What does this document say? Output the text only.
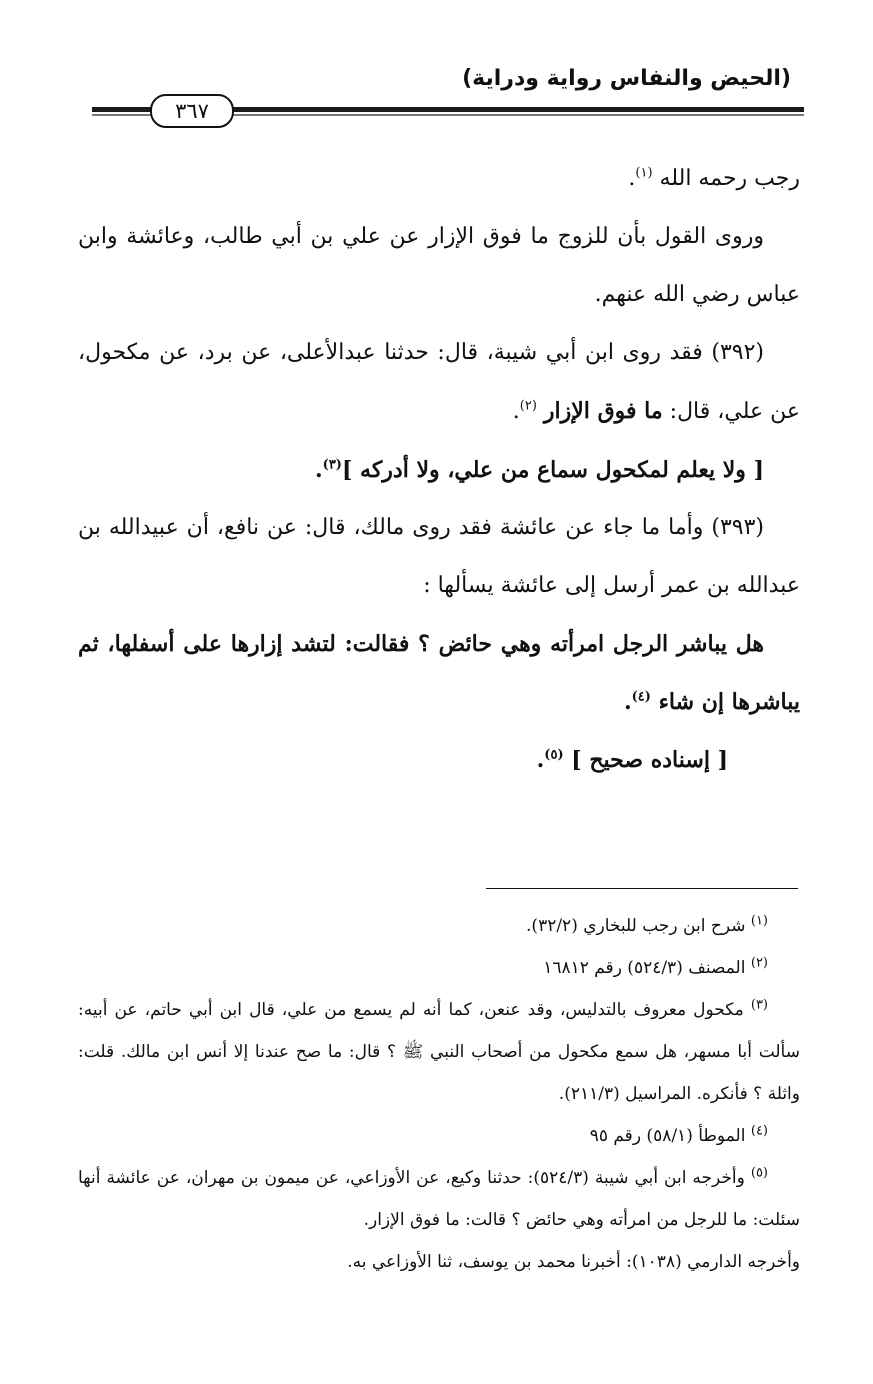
(الحيض والنفاس رواية ودراية)
٣٦٧

رجب رحمه الله $^{(١)}$.

وروى القول بأن للزوج ما فوق الإزار عن علي بن أبي طالب، وعائشة وابن عباس رضي الله عنهم.

(٣٩٢) فقد روى ابن أبي شيبة، قال: حدثنا عبدالأعلى، عن برد، عن مكحول، عن علي، قال: ما فوق الإزار $^{(٢)}$.

[ ولا يعلم لمكحول سماع من علي، ولا أدركه ]$^{(٣)}$.

(٣٩٣) وأما ما جاء عن عائشة فقد روى مالك، قال: عن نافع، أن عبيدالله بن عبدالله بن عمر أرسل إلى عائشة يسألها :

هل يباشر الرجل امرأته وهي حائض ؟ فقالت: لتشد إزارها على أسفلها، ثم يباشرها إن شاء $^{(٤)}$.

[ إسناده صحيح ] $^{(٥)}$.

$^{(١)}$ شرح ابن رجب للبخاري (٣٢/٢).

$^{(٢)}$ المصنف (٥٢٤/٣) رقم ١٦٨١٢

$^{(٣)}$ مكحول معروف بالتدليس، وقد عنعن، كما أنه لم يسمع من علي، قال ابن أبي حاتم، عن أبيه: سألت أبا مسهر، هل سمع مكحول من أصحاب النبي ﷺ ؟ قال: ما صح عندنا إلا أنس ابن مالك. قلت: واثلة ؟ فأنكره. المراسيل (٢١١/٣).

$^{(٤)}$ الموطأ (٥٨/١) رقم ٩٥

$^{(٥)}$ وأخرجه ابن أبي شيبة (٥٢٤/٣): حدثنا وكيع، عن الأوزاعي، عن ميمون بن مهران، عن عائشة أنها سئلت: ما للرجل من امرأته وهي حائض ؟ قالت: ما فوق الإزار.

وأخرجه الدارمي (١٠٣٨): أخبرنا محمد بن يوسف، ثنا الأوزاعي به.
